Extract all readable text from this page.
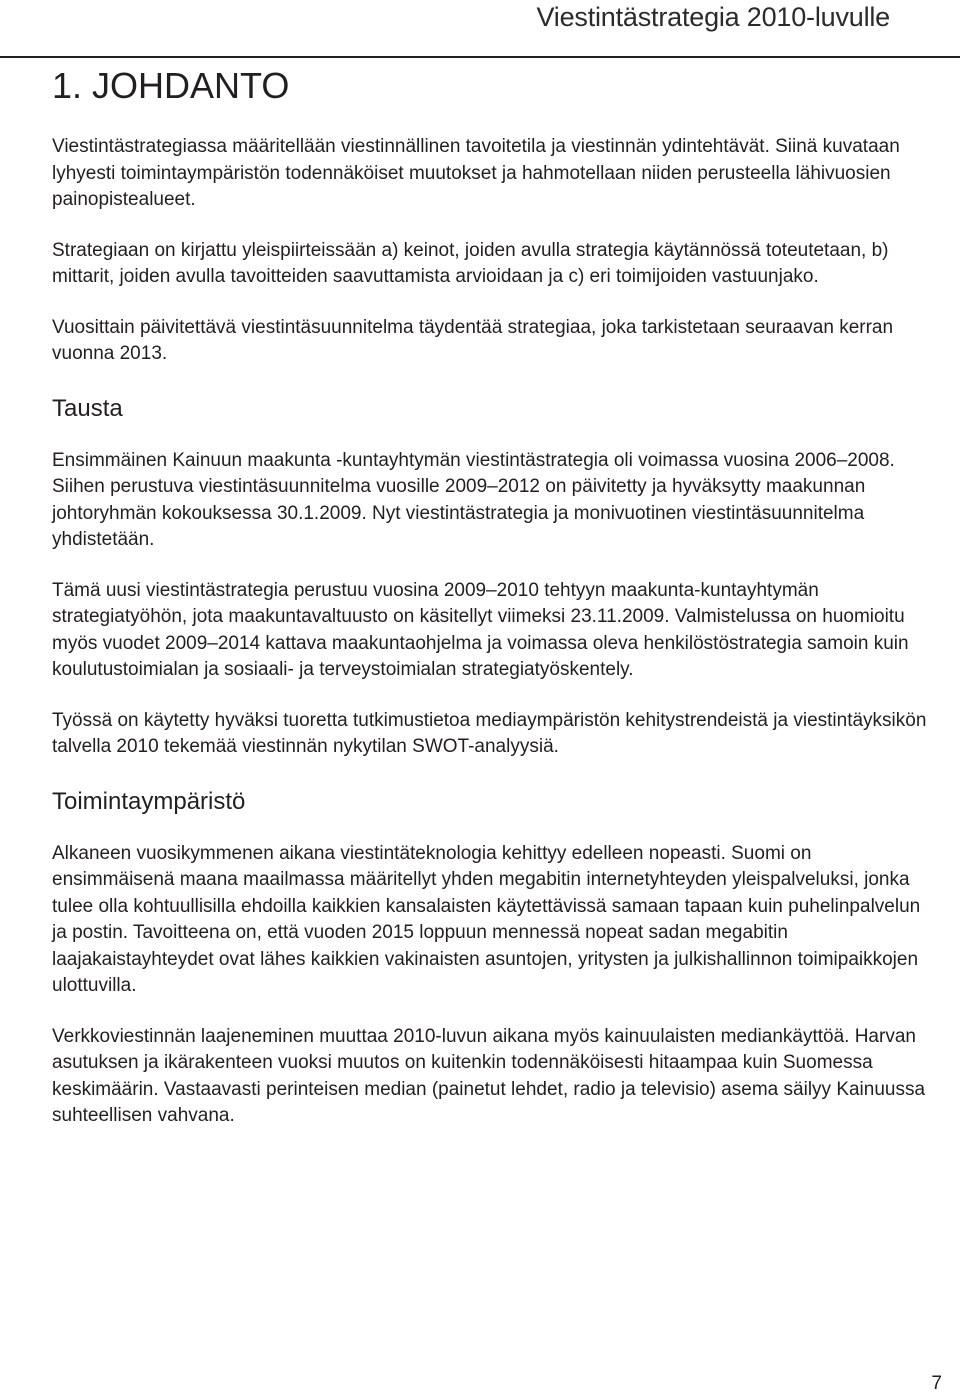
Viestintästrategia 2010-luvulle
1. JOHDANTO

Viestintästrategiassa määritellään viestinnällinen tavoitetila ja viestinnän ydintehtävät. Siinä kuvataan lyhyesti toimintaympäristön todennäköiset muutokset ja hahmotellaan niiden perusteella lähivuosien painopistealueet.

Strategiaan on kirjattu yleispiirteissään a) keinot, joiden avulla strategia käytännössä toteutetaan, b) mittarit, joiden avulla tavoitteiden saavuttamista arvioidaan ja c) eri toimijoiden vastuunjako.

Vuosittain päivitettävä viestintäsuunnitelma täydentää strategiaa, joka tarkistetaan seuraavan kerran vuonna 2013.

Tausta

Ensimmäinen Kainuun maakunta -kuntayhtymän viestintästrategia oli voimassa vuosina 2006–2008. Siihen perustuva viestintäsuunnitelma vuosille 2009–2012 on päivitetty ja hyväksytty maakunnan johtoryhmän kokouksessa 30.1.2009. Nyt viestintästrategia ja monivuotinen viestintäsuunnitelma yhdistetään.

Tämä uusi viestintästrategia perustuu vuosina 2009–2010 tehtyyn maakunta-kuntayhtymän strategiatyöhön, jota maakuntavaltuusto on käsitellyt viimeksi 23.11.2009. Valmistelussa on huomioitu myös vuodet 2009–2014 kattava maakuntaohjelma ja voimassa oleva henkilöstöstrategia samoin kuin koulutustoimialan ja sosiaali- ja terveystoimialan strategiatyöskentely.

Työssä on käytetty hyväksi tuoretta tutkimustietoa mediaympäristön kehitystrendeistä ja viestintäyksikön talvella 2010 tekemää viestinnän nykytilan SWOT-analyysiä.

Toimintaympäristö

Alkaneen vuosikymmenen aikana viestintäteknologia kehittyy edelleen nopeasti. Suomi on ensimmäisenä maana maailmassa määritellyt yhden megabitin internetyhteyden yleispalveluksi, jonka tulee olla kohtuullisilla ehdoilla kaikkien kansalaisten käytettävissä samaan tapaan kuin puhelinpalvelun ja postin. Tavoitteena on, että vuoden 2015 loppuun mennessä nopeat sadan megabitin laajakaistayhteydet ovat lähes kaikkien vakinaisten asuntojen, yritysten ja julkishallinnon toimipaikkojen ulottuvilla.

Verkkoviestinnän laajeneminen muuttaa 2010-luvun aikana myös kainuulaisten mediankäyttöä. Harvan asutuksen ja ikärakenteen vuoksi muutos on kuitenkin todennäköisesti hitaampaa kuin Suomessa keskimäärin. Vastaavasti perinteisen median (painetut lehdet, radio ja televisio) asema säilyy Kainuussa suhteellisen vahvana.

7
